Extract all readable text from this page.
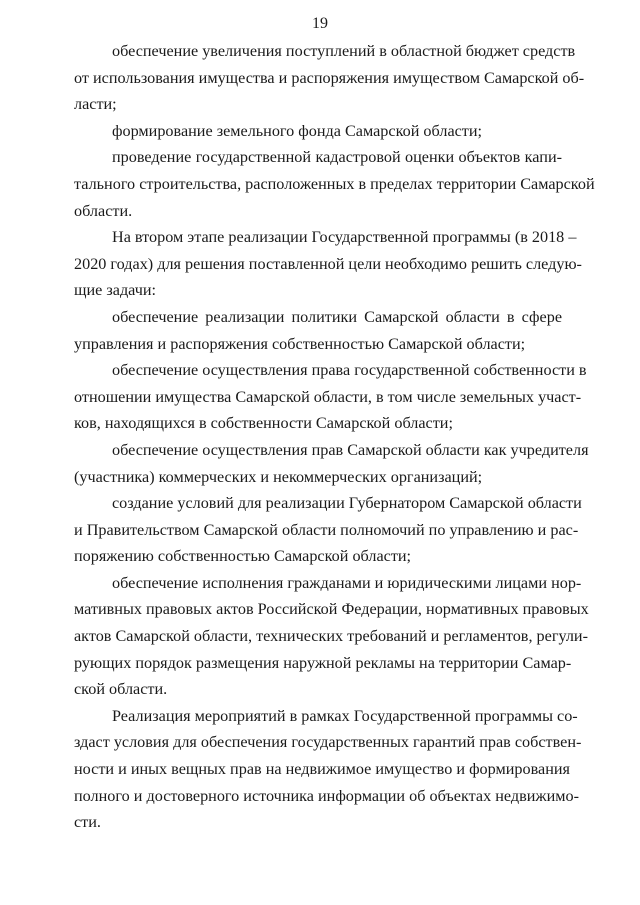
19

обеспечение увеличения поступлений в областной бюджет средств
от использования имущества и распоряжения имуществом Самарской об-
ласти;

формирование земельного фонда Самарской области;

проведение государственной кадастровой оценки объектов капи-
тального строительства, расположенных в пределах территории Самарской
области.

На втором этапе реализации Государственной программы (в 2018 –
2020 годах) для решения поставленной цели необходимо решить следую-
щие задачи:

обеспечение реализации политики Самарской области в сфере
управления и распоряжения собственностью Самарской области;

обеспечение осуществления права государственной собственности в
отношении имущества Самарской области, в том числе земельных участ-
ков, находящихся в собственности Самарской области;

обеспечение осуществления прав Самарской области как учредителя
(участника) коммерческих и некоммерческих организаций;

создание условий для реализации Губернатором Самарской области
и Правительством Самарской области полномочий по управлению и рас-
поряжению собственностью Самарской области;

обеспечение исполнения гражданами и юридическими лицами нор-
мативных правовых актов Российской Федерации, нормативных правовых
актов Самарской области, технических требований и регламентов, регули-
рующих порядок размещения наружной рекламы на территории Самар-
ской области.

Реализация мероприятий в рамках Государственной программы со-
здаст условия для обеспечения государственных гарантий прав собствен-
ности и иных вещных прав на недвижимое имущество и формирования
полного и достоверного источника информации об объектах недвижимо-
сти.
